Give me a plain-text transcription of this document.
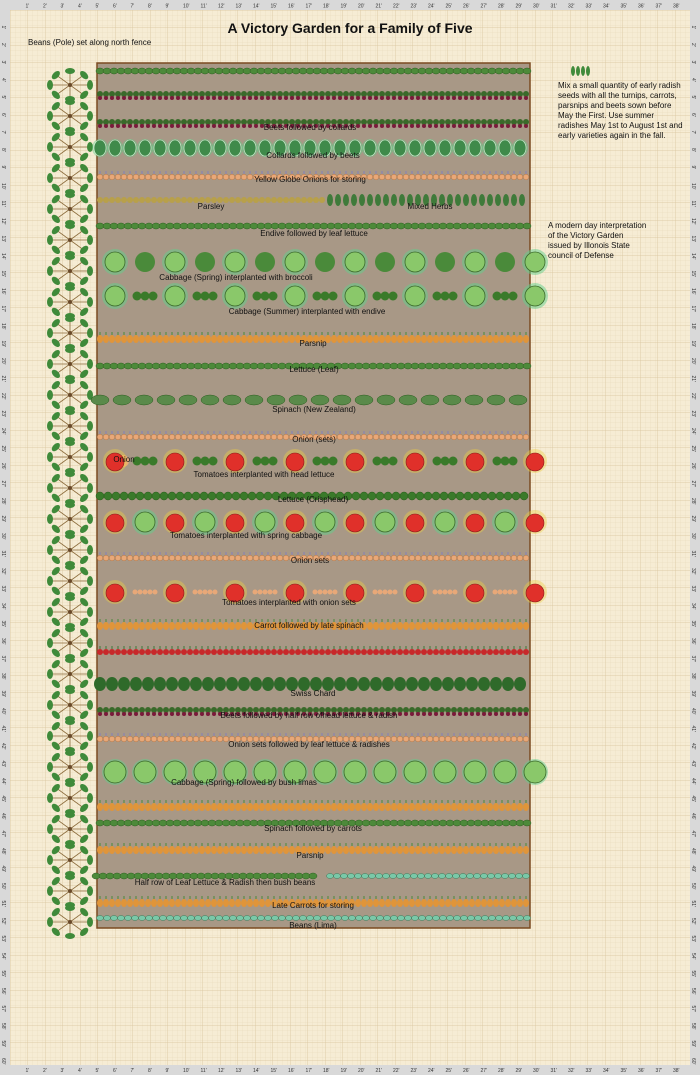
1'
1'
1'	1'
2'
2'
2'	2'
3'
3'
3'	3'
4'
4'
4'	4'
5'
5'
5'	5'
6'
6'
6'	6'
7'
7'
7'	7'
8'
8'
8'	8'
9'
9'
9'	9'
10'
10'
10'	10'
11'
11'
11'	11'
12'
12'
12'	12'
13'
13'
13'	13'
14'
14'
14'	14'
15'
15'
15'	15'
16'
16'
16'	16'
17'
17'
17'	17'
18'
18'
18'	18'
19'
19'
19'	19'
20'
20'
20'	20'
21'
21'
21'	21'
22'
22'
22'	22'
23'
23'
23'	23'
24'
24'
24'	24'
25'
25'
25'	25'
26'
26'
26'	26'
27'
27'
27'	27'
28'
28'
28'	28'
29'
29'
29'	29'
30'
30'
30'	30'
31'
31'
31'	31'
32'
32'
32'	32'
33'
33'
33'	33'
34'
34'
34'	34'
35'
35'
35'	35'
36'
36'
36'	36'
37'
37'
37'	37'
38'
38'
38'	38'
39'	39'
40'	40'
41'	41'
42'	42'
43'	43'
44'	44'
45'	45'
46'	46'
47'	47'
48'	48'
49'	49'
50'	50'
51'	51'
52'	52'
53'	53'
54'	54'
55'	55'
56'	56'
57'	57'
58'	58'
59'	59'
60'	60'
A Victory Garden for a Family of Five
Beans (Pole) set along north fence
Mix a small quantity of early radish seeds with all the turnips, carrots, parsnips and beets sown before May the First. Use summer radishes May 1st to August 1st and early varieties again in the fall.
A modern day interpretation of the Victory Garden issued by Illonois State council of Defense
Beets followed by collards
Collards followed by beets
Yellow Globe Onions for storing
Parsley	Mixed Herbs
Endive followed by leaf lettuce
Cabbage (Spring) interplanted with broccoli
Cabbage (Summer) interplanted with endive
Parsnip
Lettuce (Leaf)
Spinach (New Zealand)
Onion (sets)
Onion
Tomatoes interplanted with head lettuce
Lettuce (Crisphead)
Tomatoes interplanted with spring cabbage
Onion sets
Tomatoes interplanted with onion sets
Carrot followed by late spinach
Swiss Chard
Beets followed by half row ofhead lettuce & radish
Onion sets followed by leaf lettuce & radishes
Cabbage (Spring) followed by bush limas
Spinach followed by carrots
Parsnip
Half row of Leaf Lettuce & Radish then bush beans
Late Carrots for storing
Beans (Lima)
